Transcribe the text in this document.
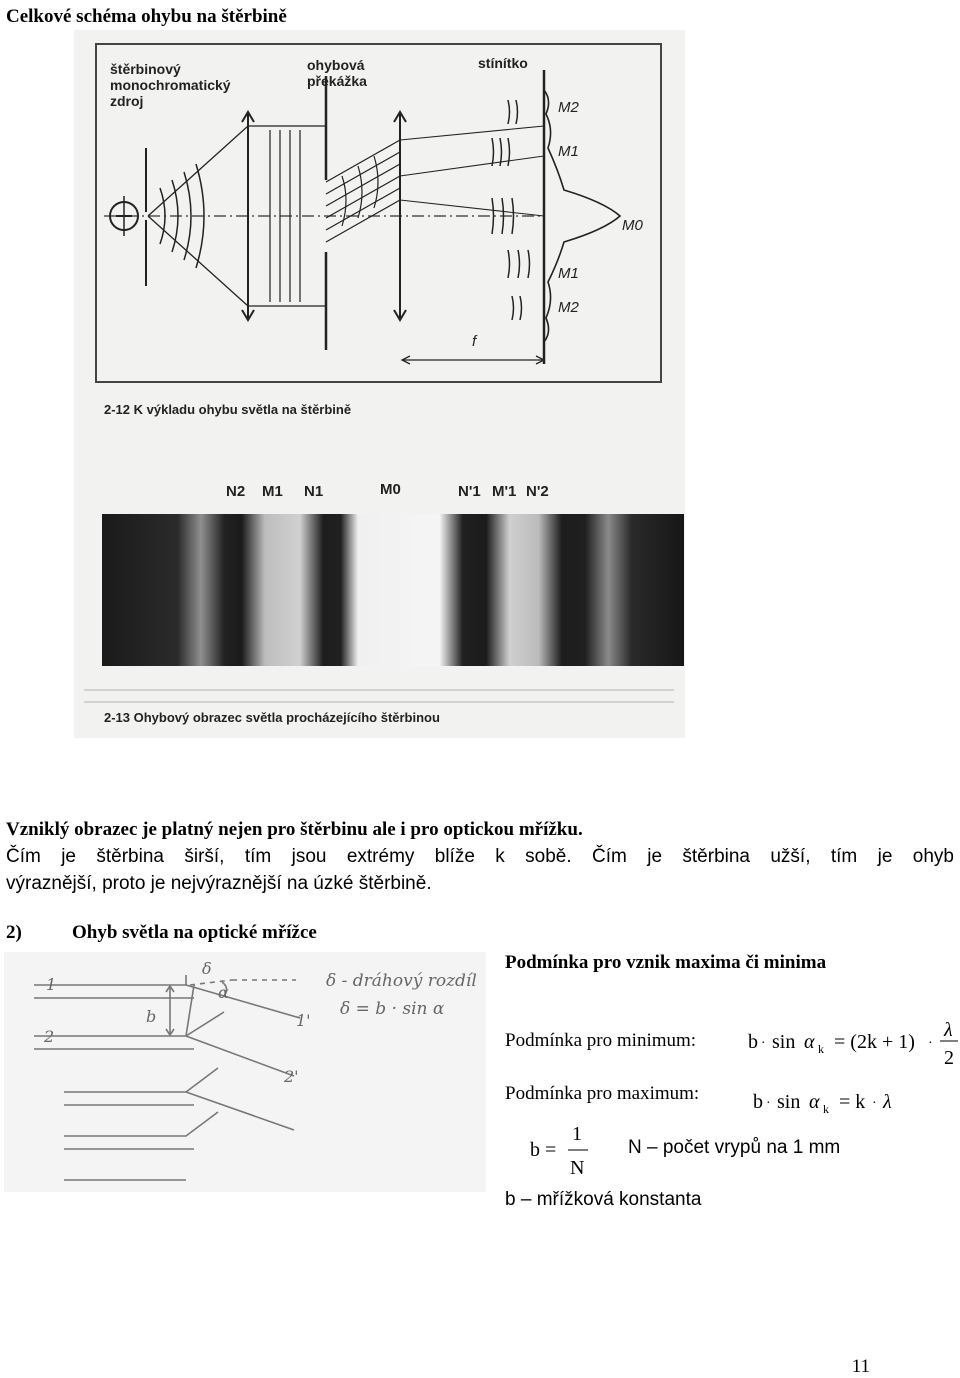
Celkové schéma ohybu na štěrbině
štěrbinový
monochromatický
zdroj
ohybová
překážka
stínítko
M2
M1
M0
M1
M2
f
2-12 K výkladu ohybu světla na štěrbině
N2 M1 N1	M0	N'1 M'1 N'2
2-13 Ohybový obrazec světla procházejícího štěrbinou
Vzniklý obrazec je platný nejen pro štěrbinu ale i pro optickou mřížku.
Čím je štěrbina širší, tím jsou extrémy blíže k sobě. Čím je štěrbina užší, tím je ohyb
výraznější, proto je nejvýraznější na úzké štěrbině.
2)	Ohyb světla na optické mřížce
1
2
1'
2'
b
δ
α
δ - dráhový rozdíl
δ = b · sin α
Podmínka pro vznik maxima či minima
Podmínka pro minimum:	b · sin α k = (2k + 1) ·
λ
2
Podmínka pro maximum:	b · sin α k = k · λ
b =
1
N
N – počet vrypů na 1 mm
b – mřížková konstanta
11
